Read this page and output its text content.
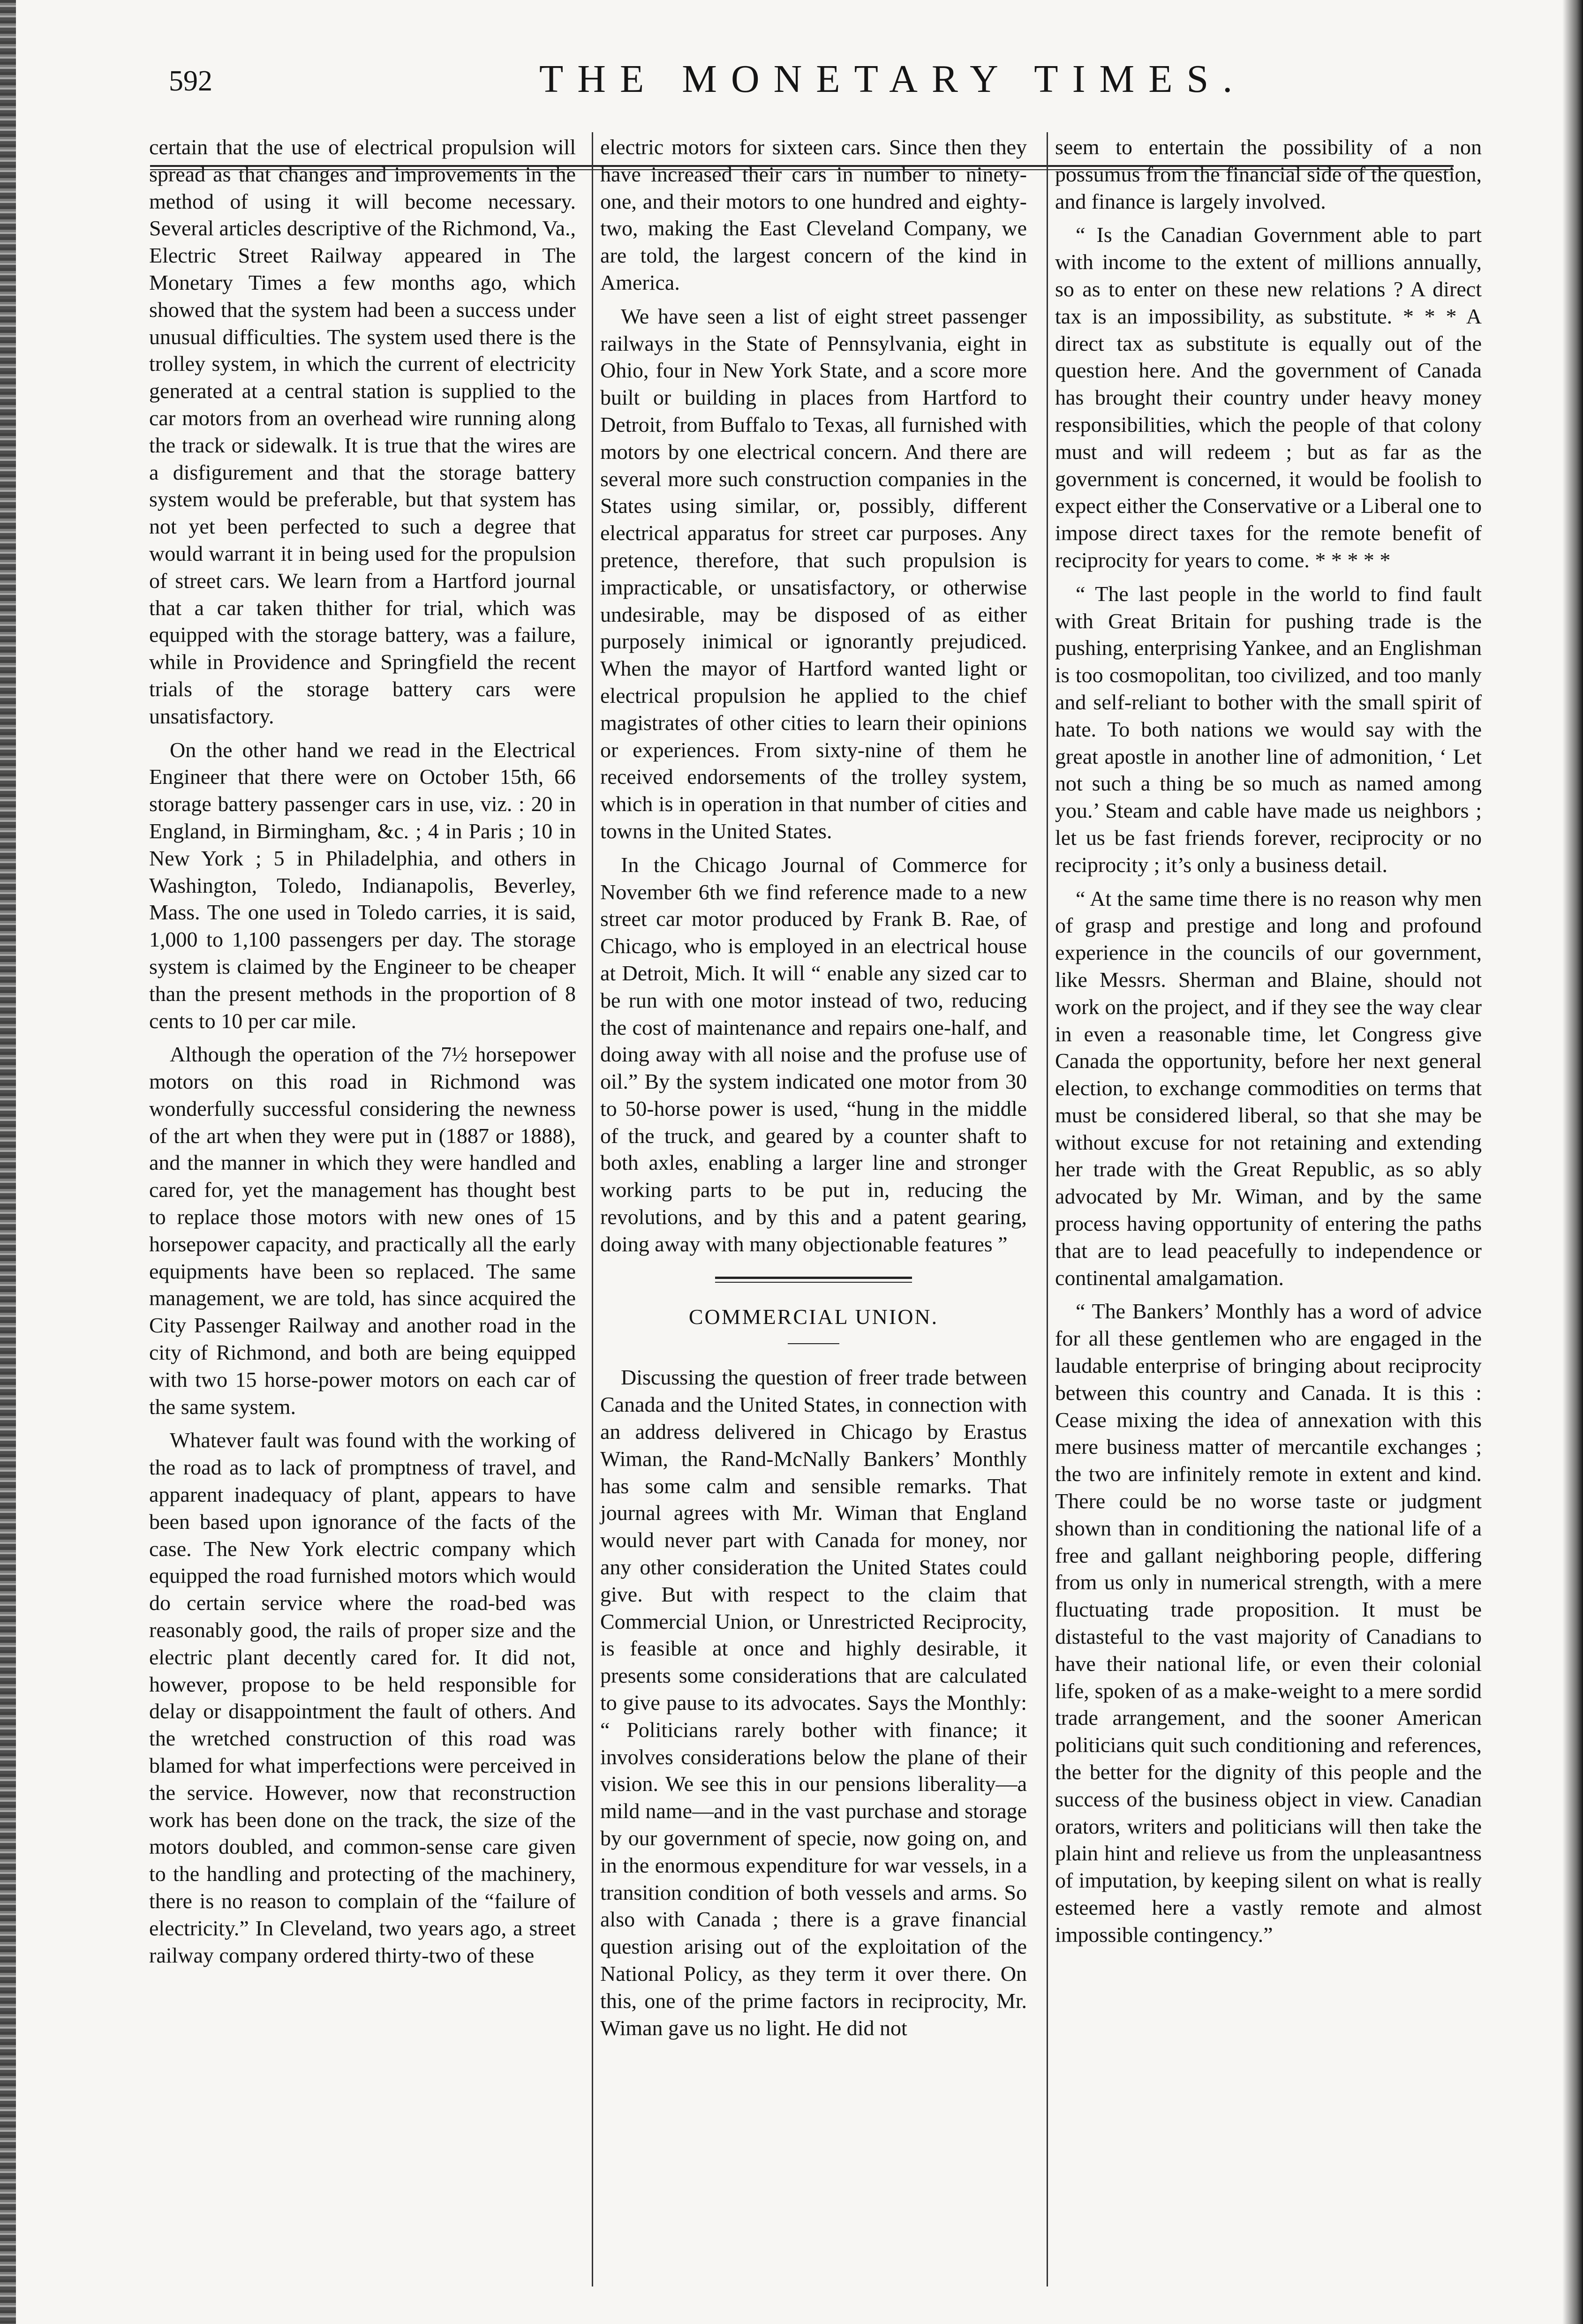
592	THE MONETARY TIMES.

certain that the use of electrical propulsion will spread as that changes and improvements in the method of using it will become necessary. Several articles descriptive of the Richmond, Va., Electric Street Railway appeared in The Monetary Times a few months ago, which showed that the system had been a success under unusual difficulties. The system used there is the trolley system, in which the current of electricity generated at a central station is supplied to the car motors from an overhead wire running along the track or sidewalk. It is true that the wires are a disfigurement and that the storage battery system would be preferable, but that system has not yet been perfected to such a degree that would warrant it in being used for the propulsion of street cars. We learn from a Hartford journal that a car taken thither for trial, which was equipped with the storage battery, was a failure, while in Providence and Springfield the recent trials of the storage battery cars were unsatisfactory.

On the other hand we read in the Electrical Engineer that there were on October 15th, 66 storage battery passenger cars in use, viz. : 20 in England, in Birmingham, &c. ; 4 in Paris ; 10 in New York ; 5 in Philadelphia, and others in Washington, Toledo, Indianapolis, Beverley, Mass. The one used in Toledo carries, it is said, 1,000 to 1,100 passengers per day. The storage system is claimed by the Engineer to be cheaper than the present methods in the proportion of 8 cents to 10 per car mile.

Although the operation of the 7½ horsepower motors on this road in Richmond was wonderfully successful considering the newness of the art when they were put in (1887 or 1888), and the manner in which they were handled and cared for, yet the management has thought best to replace those motors with new ones of 15 horsepower capacity, and practically all the early equipments have been so replaced. The same management, we are told, has since acquired the City Passenger Railway and another road in the city of Richmond, and both are being equipped with two 15 horse-power motors on each car of the same system.

Whatever fault was found with the working of the road as to lack of promptness of travel, and apparent inadequacy of plant, appears to have been based upon ignorance of the facts of the case. The New York electric company which equipped the road furnished motors which would do certain service where the road-bed was reasonably good, the rails of proper size and the electric plant decently cared for. It did not, however, propose to be held responsible for delay or disappointment the fault of others. And the wretched construction of this road was blamed for what imperfections were perceived in the service. However, now that reconstruction work has been done on the track, the size of the motors doubled, and common-sense care given to the handling and protecting of the machinery, there is no reason to complain of the “failure of electricity.” In Cleveland, two years ago, a street railway company ordered thirty-two of these

electric motors for sixteen cars. Since then they have increased their cars in number to ninety-one, and their motors to one hundred and eighty-two, making the East Cleveland Company, we are told, the largest concern of the kind in America.

We have seen a list of eight street passenger railways in the State of Pennsylvania, eight in Ohio, four in New York State, and a score more built or building in places from Hartford to Detroit, from Buffalo to Texas, all furnished with motors by one electrical concern. And there are several more such construction companies in the States using similar, or, possibly, different electrical apparatus for street car purposes. Any pretence, therefore, that such propulsion is impracticable, or unsatisfactory, or otherwise undesirable, may be disposed of as either purposely inimical or ignorantly prejudiced. When the mayor of Hartford wanted light or electrical propulsion he applied to the chief magistrates of other cities to learn their opinions or experiences. From sixty-nine of them he received endorsements of the trolley system, which is in operation in that number of cities and towns in the United States.

In the Chicago Journal of Commerce for November 6th we find reference made to a new street car motor produced by Frank B. Rae, of Chicago, who is employed in an electrical house at Detroit, Mich. It will “ enable any sized car to be run with one motor instead of two, reducing the cost of maintenance and repairs one-half, and doing away with all noise and the profuse use of oil.” By the system indicated one motor from 30 to 50-horse power is used, “hung in the middle of the truck, and geared by a counter shaft to both axles, enabling a larger line and stronger working parts to be put in, reducing the revolutions, and by this and a patent gearing, doing away with many objectionable features ”

COMMERCIAL UNION.

Discussing the question of freer trade between Canada and the United States, in connection with an address delivered in Chicago by Erastus Wiman, the Rand-McNally Bankers’ Monthly has some calm and sensible remarks. That journal agrees with Mr. Wiman that England would never part with Canada for money, nor any other consideration the United States could give. But with respect to the claim that Commercial Union, or Unrestricted Reciprocity, is feasible at once and highly desirable, it presents some considerations that are calculated to give pause to its advocates. Says the Monthly: “ Politicians rarely bother with finance; it involves considerations below the plane of their vision. We see this in our pensions liberality—a mild name—and in the vast purchase and storage by our government of specie, now going on, and in the enormous expenditure for war vessels, in a transition condition of both vessels and arms. So also with Canada ; there is a grave financial question arising out of the exploitation of the National Policy, as they term it over there. On this, one of the prime factors in reciprocity, Mr. Wiman gave us no light. He did not

seem to entertain the possibility of a non possumus from the financial side of the question, and finance is largely involved.

“ Is the Canadian Government able to part with income to the extent of millions annually, so as to enter on these new relations ? A direct tax is an impossibility, as substitute. * * * A direct tax as substitute is equally out of the question here. And the government of Canada has brought their country under heavy money responsibilities, which the people of that colony must and will redeem ; but as far as the government is concerned, it would be foolish to expect either the Conservative or a Liberal one to impose direct taxes for the remote benefit of reciprocity for years to come. * * * * *

“ The last people in the world to find fault with Great Britain for pushing trade is the pushing, enterprising Yankee, and an Englishman is too cosmopolitan, too civilized, and too manly and self-reliant to bother with the small spirit of hate. To both nations we would say with the great apostle in another line of admonition, ‘ Let not such a thing be so much as named among you.’ Steam and cable have made us neighbors ; let us be fast friends forever, reciprocity or no reciprocity ; it’s only a business detail.

“ At the same time there is no reason why men of grasp and prestige and long and profound experience in the councils of our government, like Messrs. Sherman and Blaine, should not work on the project, and if they see the way clear in even a reasonable time, let Congress give Canada the opportunity, before her next general election, to exchange commodities on terms that must be considered liberal, so that she may be without excuse for not retaining and extending her trade with the Great Republic, as so ably advocated by Mr. Wiman, and by the same process having opportunity of entering the paths that are to lead peacefully to independence or continental amalgamation.

“ The Bankers’ Monthly has a word of advice for all these gentlemen who are engaged in the laudable enterprise of bringing about reciprocity between this country and Canada. It is this : Cease mixing the idea of annexation with this mere business matter of mercantile exchanges ; the two are infinitely remote in extent and kind. There could be no worse taste or judgment shown than in conditioning the national life of a free and gallant neighboring people, differing from us only in numerical strength, with a mere fluctuating trade proposition. It must be distasteful to the vast majority of Canadians to have their national life, or even their colonial life, spoken of as a make-weight to a mere sordid trade arrangement, and the sooner American politicians quit such conditioning and references, the better for the dignity of this people and the success of the business object in view. Canadian orators, writers and politicians will then take the plain hint and relieve us from the unpleasantness of imputation, by keeping silent on what is really esteemed here a vastly remote and almost impossible contingency.”
